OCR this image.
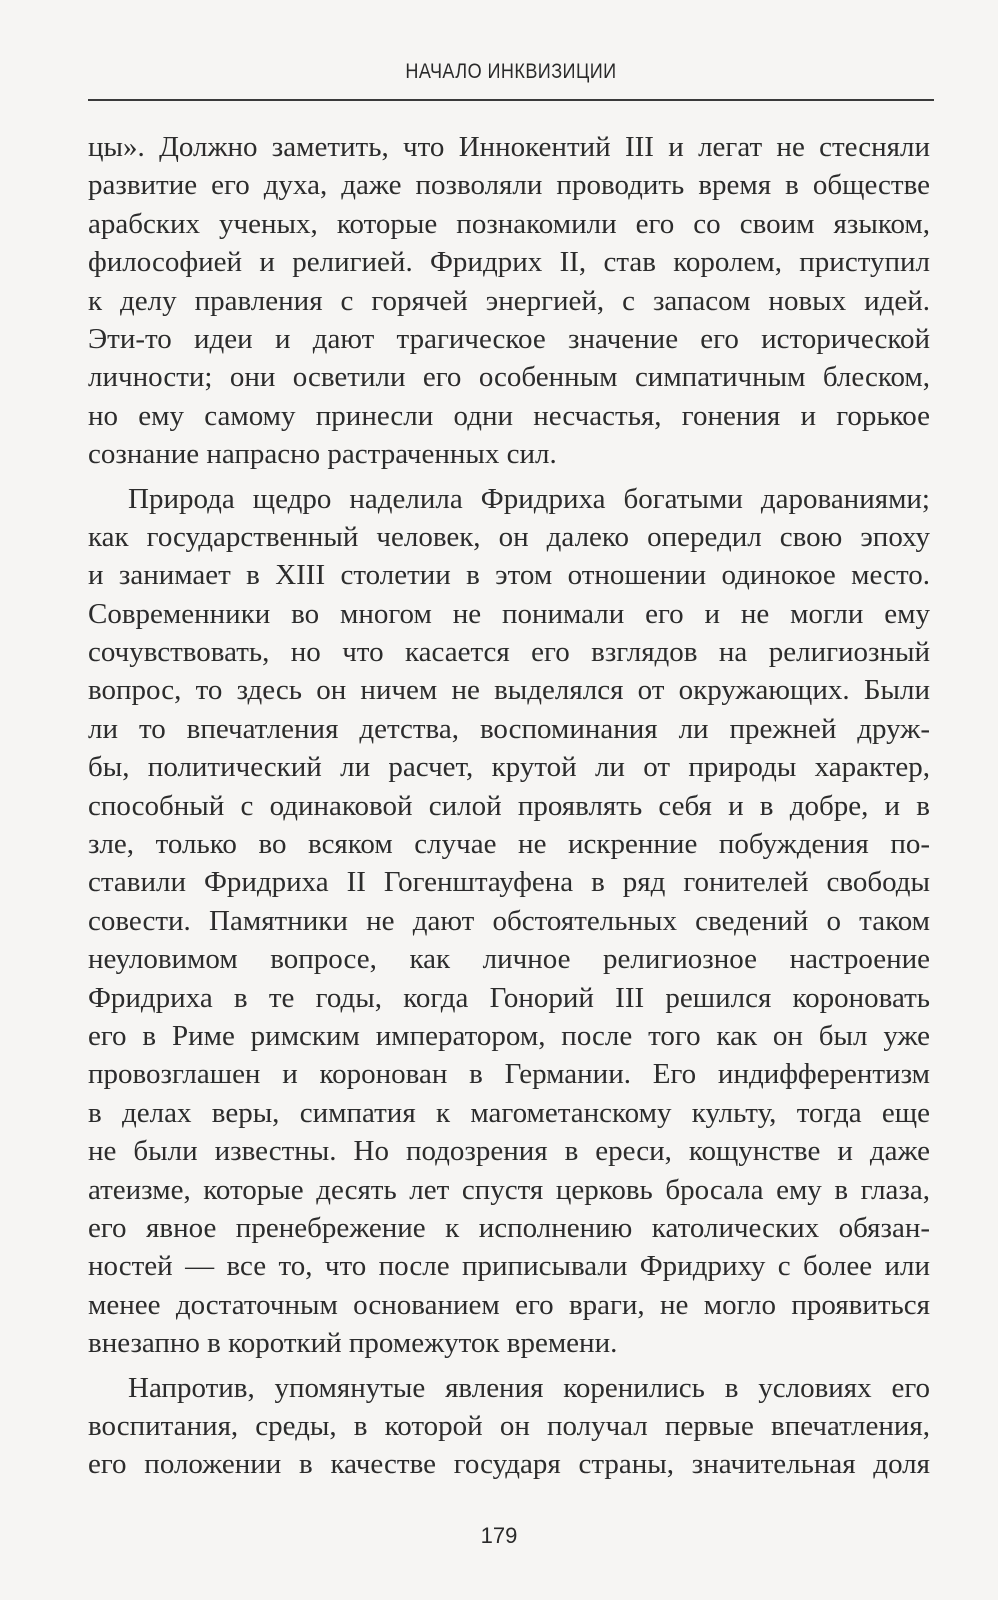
НАЧАЛО ИНКВИЗИЦИИ
цы». Должно заметить, что Иннокентий III и легат не стесняли
развитие его духа, даже позволяли проводить время в обществе
арабских ученых, которые познакомили его со своим языком,
философией и религией. Фридрих II, став королем, приступил
к делу правления с горячей энергией, с запасом новых идей.
Эти-то идеи и дают трагическое значение его исторической
личности; они осветили его особенным симпатичным блеском,
но ему самому принесли одни несчастья, гонения и горькое
сознание напрасно растраченных сил.
Природа щедро наделила Фридриха богатыми дарованиями;
как государственный человек, он далеко опередил свою эпоху
и занимает в XIII столетии в этом отношении одинокое место.
Современники во многом не понимали его и не могли ему
сочувствовать, но что касается его взглядов на религиозный
вопрос, то здесь он ничем не выделялся от окружающих. Были
ли то впечатления детства, воспоминания ли прежней друж-
бы, политический ли расчет, крутой ли от природы характер,
способный с одинаковой силой проявлять себя и в добре, и в
зле, только во всяком случае не искренние побуждения по-
ставили Фридриха II Гогенштауфена в ряд гонителей свободы
совести. Памятники не дают обстоятельных сведений о таком
неуловимом вопросе, как личное религиозное настроение
Фридриха в те годы, когда Гонорий III решился короновать
его в Риме римским императором, после того как он был уже
провозглашен и коронован в Германии. Его индифферентизм
в делах веры, симпатия к магометанскому культу, тогда еще
не были известны. Но подозрения в ереси, кощунстве и даже
атеизме, которые десять лет спустя церковь бросала ему в глаза,
его явное пренебрежение к исполнению католических обязан-
ностей — все то, что после приписывали Фридриху с более или
менее достаточным основанием его враги, не могло проявиться
внезапно в короткий промежуток времени.
Напротив, упомянутые явления коренились в условиях его
воспитания, среды, в которой он получал первые впечатления,
его положении в качестве государя страны, значительная доля
179
